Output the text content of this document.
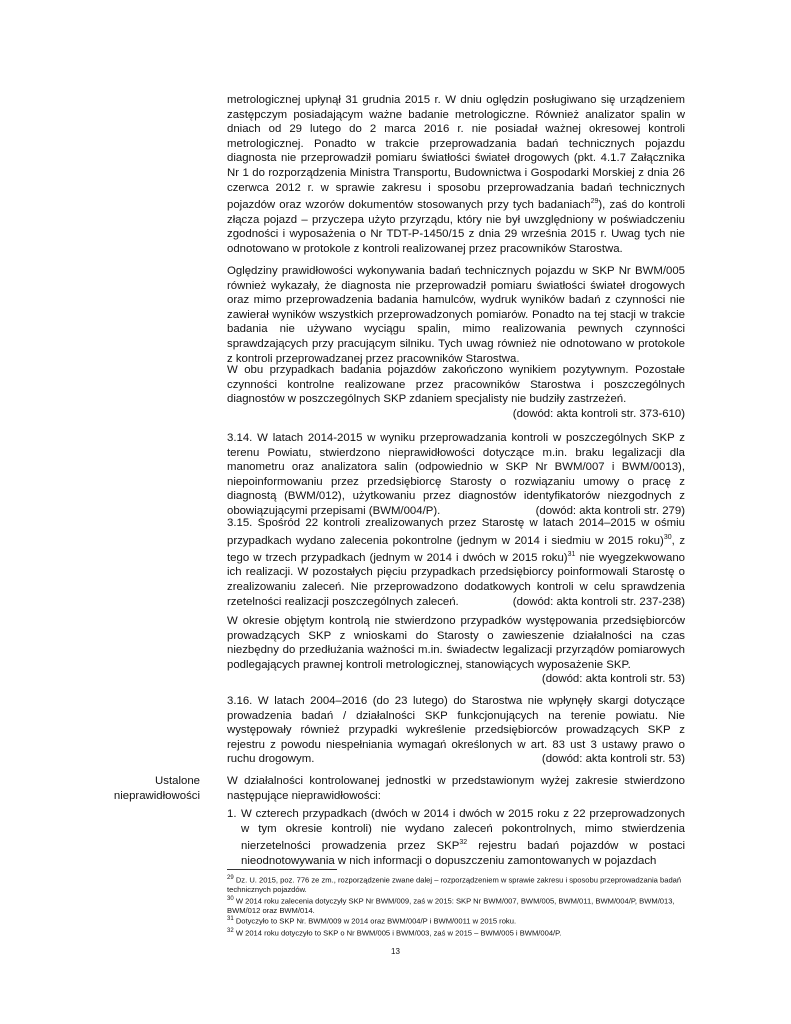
metrologicznej upłynął 31 grudnia 2015 r. W dniu oględzin posługiwano się urządzeniem zastępczym posiadającym ważne badanie metrologiczne. Również analizator spalin w dniach od 29 lutego do 2 marca 2016 r. nie posiadał ważnej okresowej kontroli metrologicznej. Ponadto w trakcie przeprowadzania badań technicznych pojazdu diagnosta nie przeprowadził pomiaru światłości świateł drogowych (pkt. 4.1.7 Załącznika Nr 1 do rozporządzenia Ministra Transportu, Budownictwa i Gospodarki Morskiej z dnia 26 czerwca 2012 r. w sprawie zakresu i sposobu przeprowadzania badań technicznych pojazdów oraz wzorów dokumentów stosowanych przy tych badaniach$^{29}$), zaś do kontroli złącza pojazd – przyczepa użyto przyrządu, który nie był uwzględniony w poświadczeniu zgodności i wyposażenia o Nr TDT-P-1450/15 z dnia 29 września 2015 r. Uwag tych nie odnotowano w protokole z kontroli realizowanej przez pracowników Starostwa.

Oględziny prawidłowości wykonywania badań technicznych pojazdu w SKP Nr BWM/005 również wykazały, że diagnosta nie przeprowadził pomiaru światłości świateł drogowych oraz mimo przeprowadzenia badania hamulców, wydruk wyników badań z czynności nie zawierał wyników wszystkich przeprowadzonych pomiarów. Ponadto na tej stacji w trakcie badania nie używano wyciągu spalin, mimo realizowania pewnych czynności sprawdzających przy pracującym silniku. Tych uwag również nie odnotowano w protokole z kontroli przeprowadzanej przez pracowników Starostwa.

W obu przypadkach badania pojazdów zakończono wynikiem pozytywnym. Pozostałe czynności kontrolne realizowane przez pracowników Starostwa i poszczególnych diagnostów w poszczególnych SKP zdaniem specjalisty nie budziły zastrzeżeń.

(dowód: akta kontroli str. 373-610)

3.14. W latach 2014-2015 w wyniku przeprowadzania kontroli w poszczególnych SKP z terenu Powiatu, stwierdzono nieprawidłowości dotyczące m.in. braku legalizacji dla manometru oraz analizatora salin (odpowiednio w SKP Nr BWM/007 i BWM/0013), niepoinformowaniu przez przedsiębiorcę Starosty o rozwiązaniu umowy o pracę z diagnostą (BWM/012), użytkowaniu przez diagnostów identyfikatorów niezgodnych z obowiązującymi przepisami (BWM/004/P).	(dowód: akta kontroli str. 279)

3.15. Spośród 22 kontroli zrealizowanych przez Starostę w latach 2014–2015 w ośmiu przypadkach wydano zalecenia pokontrolne (jednym w 2014 i siedmiu w 2015 roku)$^{30}$, z tego w trzech przypadkach (jednym w 2014 i dwóch w 2015 roku)$^{31}$ nie wyegzekwowano ich realizacji. W pozostałych pięciu przypadkach przedsiębiorcy poinformowali Starostę o zrealizowaniu zaleceń. Nie przeprowadzono dodatkowych kontroli w celu sprawdzenia rzetelności realizacji poszczególnych zaleceń.	(dowód: akta kontroli str. 237-238)

W okresie objętym kontrolą nie stwierdzono przypadków występowania przedsiębiorców prowadzących SKP z wnioskami do Starosty o zawieszenie działalności na czas niezbędny do przedłużania ważności m.in. świadectw legalizacji przyrządów pomiarowych podlegających prawnej kontroli metrologicznej, stanowiących wyposażenie SKP.

(dowód: akta kontroli str. 53)

3.16. W latach 2004–2016 (do 23 lutego) do Starostwa nie wpłynęły skargi dotyczące prowadzenia badań / działalności SKP funkcjonujących na terenie powiatu. Nie występowały również przypadki wykreślenie przedsiębiorców prowadzących SKP z rejestru z powodu niespełniania wymagań określonych w art. 83 ust 3 ustawy prawo o ruchu drogowym.	(dowód: akta kontroli str. 53)

Ustalone
nieprawidłowości

W działalności kontrolowanej jednostki w przedstawionym wyżej zakresie stwierdzono następujące nieprawidłowości:

1. W czterech przypadkach (dwóch w 2014 i dwóch w 2015 roku z 22 przeprowadzonych w tym okresie kontroli) nie wydano zaleceń pokontrolnych, mimo stwierdzenia nierzetelności prowadzenia przez SKP$^{32}$ rejestru badań pojazdów w postaci nieodnotowywania w nich informacji o dopuszczeniu zamontowanych w pojazdach
$^{29}$ Dz. U. 2015, poz. 776 ze zm., rozporządzenie zwane dalej – rozporządzeniem w sprawie zakresu i sposobu przeprowadzania badań technicznych pojazdów.
$^{30}$ W 2014 roku zalecenia dotyczyły SKP Nr BWM/009, zaś w 2015: SKP Nr BWM/007, BWM/005, BWM/011, BWM/004/P, BWM/013, BWM/012 oraz BWM/014.
$^{31}$ Dotyczyło to SKP Nr. BWM/009 w 2014 oraz BWM/004/P i BWM/0011 w 2015 roku.
$^{32}$ W 2014 roku dotyczyło to SKP o Nr BWM/005 i BWM/003, zaś w 2015 – BWM/005 i BWM/004/P.
13
